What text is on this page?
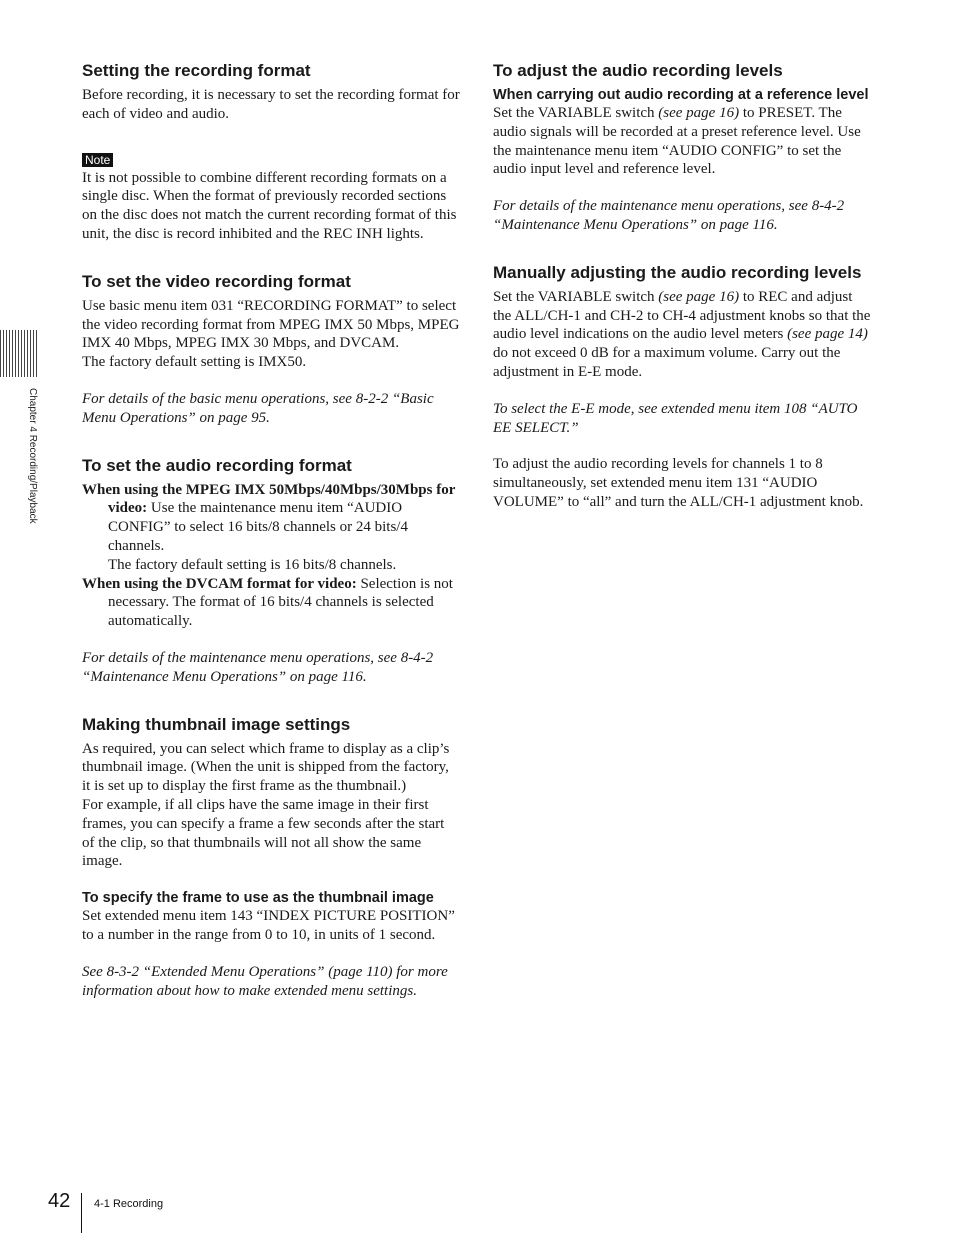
Chapter 4 Recording/Playback
Setting the recording format

Before recording, it is necessary to set the recording format for each of video and audio.

Note

It is not possible to combine different recording formats on a single disc. When the format of previously recorded sections on the disc does not match the current recording format of this unit, the disc is record inhibited and the REC INH lights.

To set the video recording format

Use basic menu item 031 “RECORDING FORMAT” to select the video recording format from MPEG IMX 50 Mbps, MPEG IMX 40 Mbps, MPEG IMX 30 Mbps, and DVCAM.

The factory default setting is IMX50.

For details of the basic menu operations, see 8-2-2 “Basic Menu Operations” on page 95.

To set the audio recording format

When using the MPEG IMX 50Mbps/40Mbps/30Mbps for video: Use the maintenance menu item “AUDIO CONFIG” to select 16 bits/8 channels or 24 bits/4 channels.

The factory default setting is 16 bits/8 channels.

When using the DVCAM format for video: Selection is not necessary. The format of 16 bits/4 channels is selected automatically.

For details of the maintenance menu operations, see 8-4-2 “Maintenance Menu Operations” on page 116.

Making thumbnail image settings

As required, you can select which frame to display as a clip’s thumbnail image. (When the unit is shipped from the factory, it is set up to display the first frame as the thumbnail.)

For example, if all clips have the same image in their first frames, you can specify a frame a few seconds after the start of the clip, so that thumbnails will not all show the same image.

To specify the frame to use as the thumbnail image

Set extended menu item 143 “INDEX PICTURE POSITION” to a number in the range from 0 to 10, in units of 1 second.

See 8-3-2 “Extended Menu Operations” (page 110) for more information about how to make extended menu settings.

To adjust the audio recording levels
When carrying out audio recording at a reference level

Set the VARIABLE switch (see page 16) to PRESET. The audio signals will be recorded at a preset reference level. Use the maintenance menu item “AUDIO CONFIG” to set the audio input level and reference level.

For details of the maintenance menu operations, see 8-4-2 “Maintenance Menu Operations” on page 116.

Manually adjusting the audio recording levels

Set the VARIABLE switch (see page 16) to REC and adjust the ALL/CH-1 and CH-2 to CH-4 adjustment knobs so that the audio level indications on the audio level meters (see page 14) do not exceed 0 dB for a maximum volume. Carry out the adjustment in E-E mode.

To select the E-E mode, see extended menu item 108 “AUTO EE SELECT.”

To adjust the audio recording levels for channels 1 to 8 simultaneously, set extended menu item 131 “AUDIO VOLUME” to “all” and turn the ALL/CH-1 adjustment knob.

42 4-1 Recording
